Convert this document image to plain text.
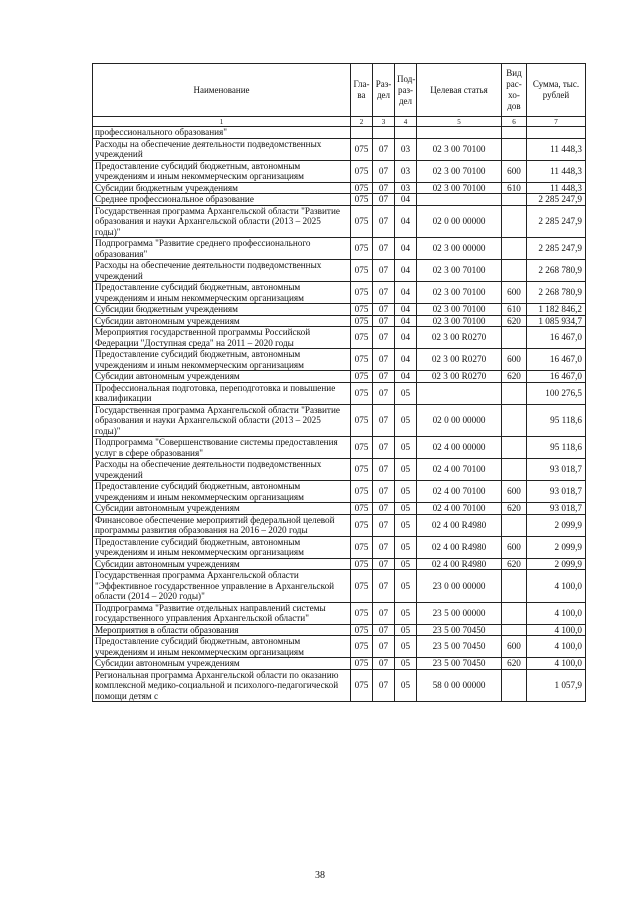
Наименование	Гла- ва	Раз- дел	Под- раз- дел	Целевая статья	Вид рас- хо- дов	Сумма, тыс. рублей
1	2	3	4	5	6	7
профессионального образования"						
Расходы на обеспечение деятельности подведомственных учреждений	075	07	03	02 3 00 70100		11 448,3
Предоставление субсидий бюджетным, автономным учреждениям и иным некоммерческим организациям	075	07	03	02 3 00 70100	600	11 448,3
Субсидии бюджетным учреждениям	075	07	03	02 3 00 70100	610	11 448,3
Среднее профессиональное образование	075	07	04			2 285 247,9
Государственная программа Архангельской области "Развитие образования и науки Архангельской области (2013 – 2025 годы)"	075	07	04	02 0 00 00000		2 285 247,9
Подпрограмма "Развитие среднего профессионального образования"	075	07	04	02 3 00 00000		2 285 247,9
Расходы на обеспечение деятельности подведомственных учреждений	075	07	04	02 3 00 70100		2 268 780,9
Предоставление субсидий бюджетным, автономным учреждениям и иным некоммерческим организациям	075	07	04	02 3 00 70100	600	2 268 780,9
Субсидии бюджетным учреждениям	075	07	04	02 3 00 70100	610	1 182 846,2
Субсидии автономным учреждениям	075	07	04	02 3 00 70100	620	1 085 934,7
Мероприятия государственной программы Российской Федерации "Доступная среда" на 2011 – 2020 годы	075	07	04	02 3 00 R0270		16 467,0
Предоставление субсидий бюджетным, автономным учреждениям и иным некоммерческим организациям	075	07	04	02 3 00 R0270	600	16 467,0
Субсидии автономным учреждениям	075	07	04	02 3 00 R0270	620	16 467,0
Профессиональная подготовка, переподготовка и повышение квалификации	075	07	05			100 276,5
Государственная программа Архангельской области "Развитие образования и науки Архангельской области (2013 – 2025 годы)"	075	07	05	02 0 00 00000		95 118,6
Подпрограмма "Совершенствование системы предоставления услуг в сфере образования"	075	07	05	02 4 00 00000		95 118,6
Расходы на обеспечение деятельности подведомственных учреждений	075	07	05	02 4 00 70100		93 018,7
Предоставление субсидий бюджетным, автономным учреждениям и иным некоммерческим организациям	075	07	05	02 4 00 70100	600	93 018,7
Субсидии автономным учреждениям	075	07	05	02 4 00 70100	620	93 018,7
Финансовое обеспечение мероприятий федеральной целевой программы развития образования на 2016 – 2020 годы	075	07	05	02 4 00 R4980		2 099,9
Предоставление субсидий бюджетным, автономным учреждениям и иным некоммерческим организациям	075	07	05	02 4 00 R4980	600	2 099,9
Субсидии автономным учреждениям	075	07	05	02 4 00 R4980	620	2 099,9
Государственная программа Архангельской области "Эффективное государственное управление в Архангельской области (2014 – 2020 годы)"	075	07	05	23 0 00 00000		4 100,0
Подпрограмма "Развитие отдельных направлений системы государственного управления Архангельской области"	075	07	05	23 5 00 00000		4 100,0
Мероприятия в области образования	075	07	05	23 5 00 70450		4 100,0
Предоставление субсидий бюджетным, автономным учреждениям и иным некоммерческим организациям	075	07	05	23 5 00 70450	600	4 100,0
Субсидии автономным учреждениям	075	07	05	23 5 00 70450	620	4 100,0
Региональная программа Архангельской области по оказанию комплексной медико-социальной и психолого-педагогической помощи детям с	075	07	05	58 0 00 00000		1 057,9
38
